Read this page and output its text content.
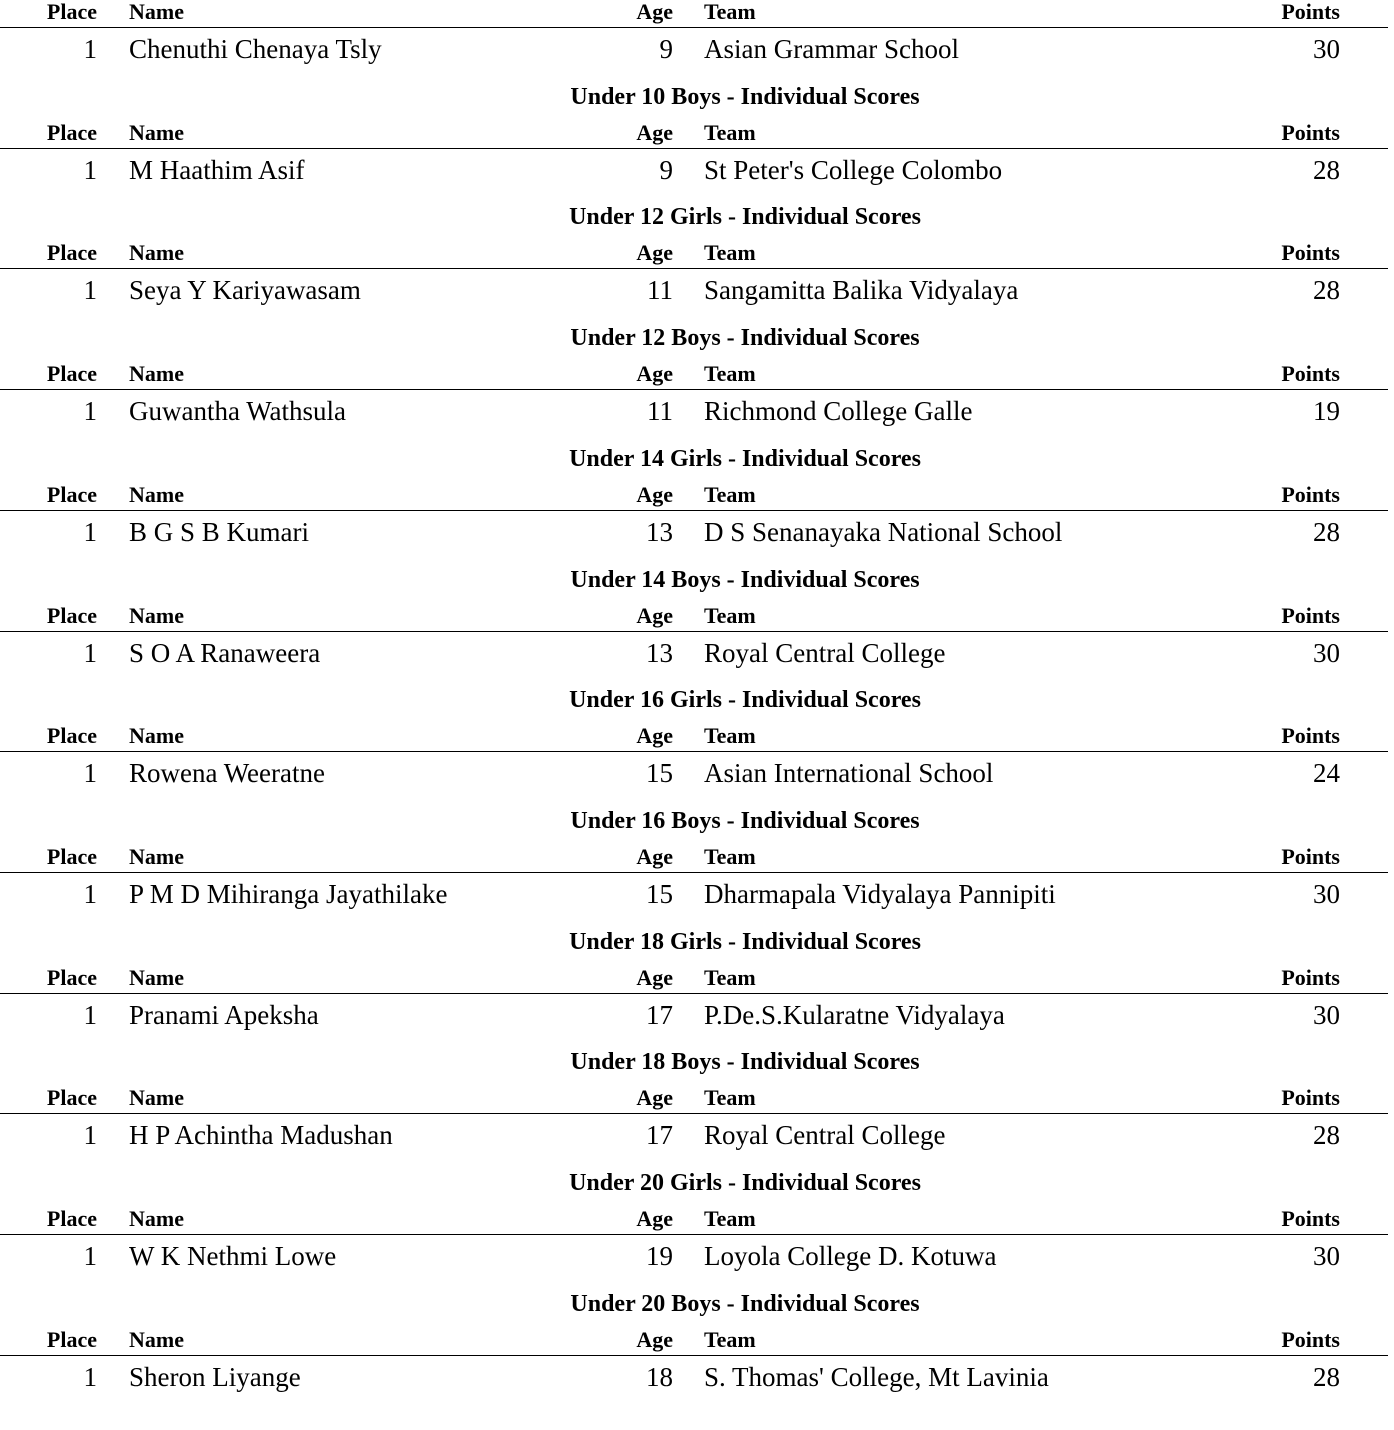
Place Name	Age Team	Points
1 Chenuthi Chenaya Tsly	9 Asian Grammar School	30
Under 10 Boys - Individual Scores
Place Name	Age Team	Points
1 M Haathim Asif	9 St Peter's College Colombo	28
Under 12 Girls - Individual Scores
Place Name	Age Team	Points
1 Seya Y Kariyawasam	11 Sangamitta Balika Vidyalaya	28
Under 12 Boys - Individual Scores
Place Name	Age Team	Points
1 Guwantha Wathsula	11 Richmond College Galle	19
Under 14 Girls - Individual Scores
Place Name	Age Team	Points
1 B G S B Kumari	13 D S Senanayaka National School	28
Under 14 Boys - Individual Scores
Place Name	Age Team	Points
1 S O A Ranaweera	13 Royal Central College	30
Under 16 Girls - Individual Scores
Place Name	Age Team	Points
1 Rowena Weeratne	15 Asian International School	24
Under 16 Boys - Individual Scores
Place Name	Age Team	Points
1 P M D Mihiranga Jayathilake	15 Dharmapala Vidyalaya Pannipiti	30
Under 18 Girls - Individual Scores
Place Name	Age Team	Points
1 Pranami Apeksha	17 P.De.S.Kularatne Vidyalaya	30
Under 18 Boys - Individual Scores
Place Name	Age Team	Points
1 H P Achintha Madushan	17 Royal Central College	28
Under 20 Girls - Individual Scores
Place Name	Age Team	Points
1 W K Nethmi Lowe	19 Loyola College D. Kotuwa	30
Under 20 Boys - Individual Scores
Place Name	Age Team	Points
1 Sheron Liyange	18 S. Thomas' College, Mt Lavinia	28
